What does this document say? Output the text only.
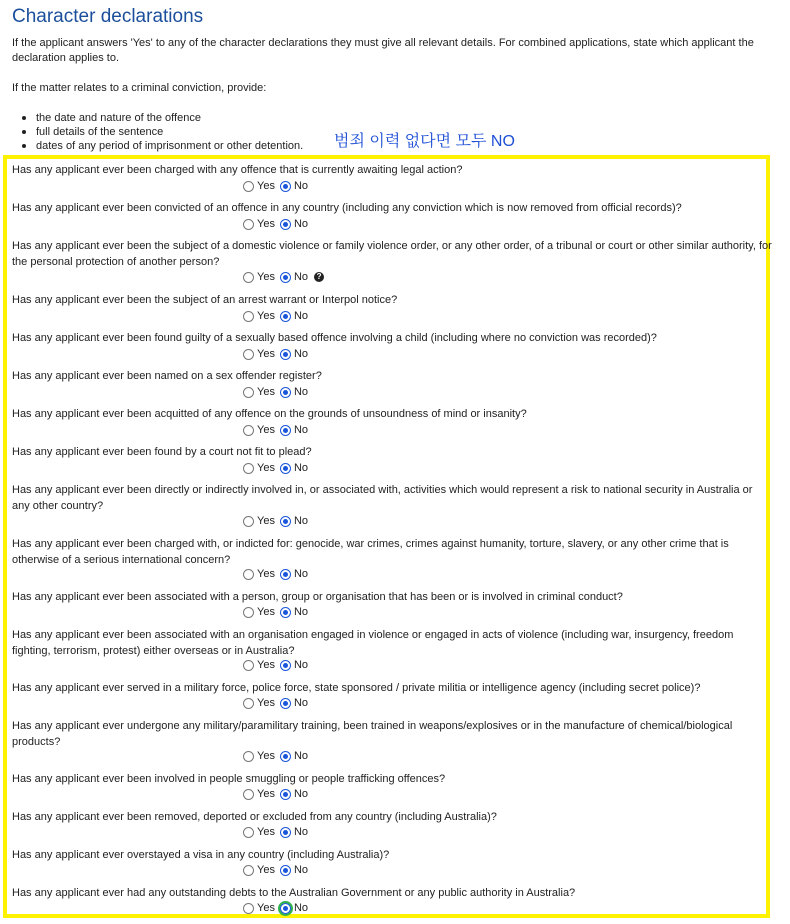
Character declarations

If the applicant answers 'Yes' to any of the character declarations they must give all relevant details. For combined applications, state which applicant the declaration applies to.

If the matter relates to a criminal conviction, provide:

the date and nature of the offence
full details of the sentence
dates of any period of imprisonment or other detention. 범죄 이력 없다면 모두 NO

Has any applicant ever been charged with any offence that is currently awaiting legal action?

Yes No

Has any applicant ever been convicted of an offence in any country (including any conviction which is now removed from official records)?

Yes No

Has any applicant ever been the subject of a domestic violence or family violence order, or any other order, of a tribunal or court or other similar authority, for the personal protection of another person?

Yes No	?

Has any applicant ever been the subject of an arrest warrant or Interpol notice?

Yes No

Has any applicant ever been found guilty of a sexually based offence involving a child (including where no conviction was recorded)?

Yes No

Has any applicant ever been named on a sex offender register?

Yes No

Has any applicant ever been acquitted of any offence on the grounds of unsoundness of mind or insanity?

Yes No

Has any applicant ever been found by a court not fit to plead?

Yes No

Has any applicant ever been directly or indirectly involved in, or associated with, activities which would represent a risk to national security in Australia or any other country?

Yes No

Has any applicant ever been charged with, or indicted for: genocide, war crimes, crimes against humanity, torture, slavery, or any other crime that is otherwise of a serious international concern?

Yes No

Has any applicant ever been associated with a person, group or organisation that has been or is involved in criminal conduct?

Yes No

Has any applicant ever been associated with an organisation engaged in violence or engaged in acts of violence (including war, insurgency, freedom fighting, terrorism, protest) either overseas or in Australia?

Yes No

Has any applicant ever served in a military force, police force, state sponsored / private militia or intelligence agency (including secret police)?

Yes No

Has any applicant ever undergone any military/paramilitary training, been trained in weapons/explosives or in the manufacture of chemical/biological products?

Yes No

Has any applicant ever been involved in people smuggling or people trafficking offences?

Yes No

Has any applicant ever been removed, deported or excluded from any country (including Australia)?

Yes No

Has any applicant ever overstayed a visa in any country (including Australia)?

Yes No

Has any applicant ever had any outstanding debts to the Australian Government or any public authority in Australia?

Yes No
